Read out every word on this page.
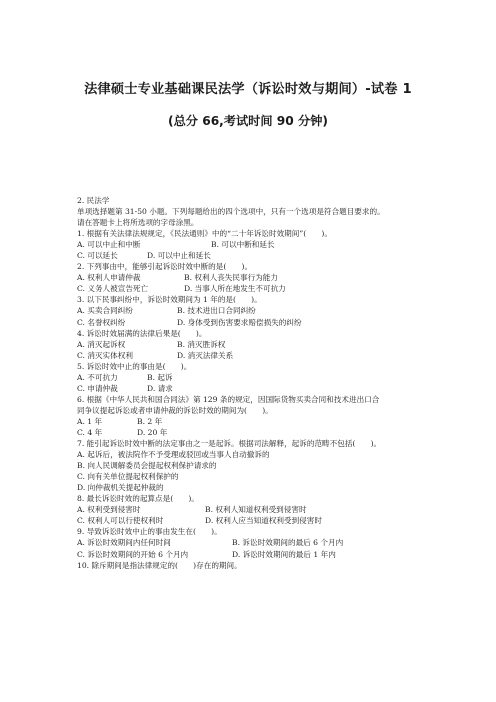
法律硕士专业基础课民法学（诉讼时效与期间）-试卷 1
(总分 66,考试时间 90 分钟)
2. 民法学
单项选择题第 31-50 小题。下列每题给出的四个选项中，只有一个选项是符合题目要求的。
请在答题卡上将所选项的字母涂黑。
1. 根据有关法律法规规定，《民法通则》中的“二十年诉讼时效期间”(　　)。
A. 可以中止和中断	B. 可以中断和延长
C. 可以延长	D. 可以中止和延长
2. 下列事由中，能够引起诉讼时效中断的是(　　)。
A. 权利人申请仲裁	B. 权利人丧失民事行为能力
C. 义务人被宣告死亡	D. 当事人所在地发生不可抗力
3. 以下民事纠纷中，诉讼时效期间为 1 年的是(　　)。
A. 买卖合同纠纷	B. 技术进出口合同纠纷
C. 名誉权纠纷	D. 身体受到伤害要求赔偿损失的纠纷
4. 诉讼时效届满的法律后果是(　　)。
A. 消灭起诉权	B. 消灭胜诉权
C. 消灭实体权利	D. 消灭法律关系
5. 诉讼时效中止的事由是(　　)。
A. 不可抗力	B. 起诉
C. 申请仲裁	D. 请求
6. 根据《中华人民共和国合同法》第 129 条的规定，因国际货物买卖合同和技术进出口合
同争议提起诉讼或者申请仲裁的诉讼时效的期间为(　　)。
A. 1 年	B. 2 年
C. 4 年	D. 20 年
7. 能引起诉讼时效中断的法定事由之一是起诉。根据司法解释，起诉的范畴不包括(　　)。
A. 起诉后，被法院作不予受理或驳回或当事人自动撤诉的
B. 向人民调解委员会提起权利保护请求的
C. 向有关单位提起权利保护的
D. 向仲裁机关提起仲裁的
8. 最长诉讼时效的起算点是(　　)。
A. 权利受到侵害时	B. 权利人知道权利受到侵害时
C. 权利人可以行使权利时	D. 权利人应当知道权利受到侵害时
9. 导致诉讼时效中止的事由发生在(　　)。
A. 诉讼时效期间内任何时间	B. 诉讼时效期间的最后 6 个月内
C. 诉讼时效期间的开始 6 个月内	D. 诉讼时效期间的最后 1 年内
10. 除斥期间是指法律规定的(　　)存在的期间。
